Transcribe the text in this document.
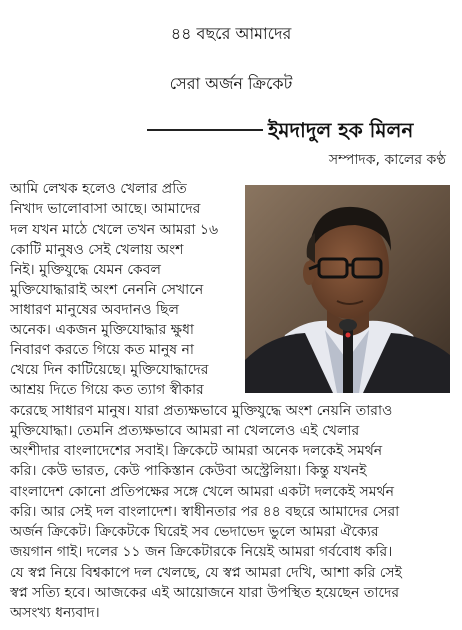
৪৪ বছরে আমাদের
সেরা অর্জন ক্রিকেট
ইমদাদুল হক মিলন
সম্পাদক, কালের কণ্ঠ
আমি লেখক হলেও খেলার প্রতি
নিখাদ ভালোবাসা আছে। আমাদের
দল যখন মাঠে খেলে তখন আমরা ১৬
কোটি মানুষও সেই খেলায় অংশ
নিই। মুক্তিযুদ্ধে যেমন কেবল
মুক্তিযোদ্ধারাই অংশ নেননি সেখানে
সাধারণ মানুষের অবদানও ছিল
অনেক। একজন মুক্তিযোদ্ধার ক্ষুধা
নিবারণ করতে গিয়ে কত মানুষ না
খেয়ে দিন কাটিয়েছে। মুক্তিযোদ্ধাদের
আশ্রয় দিতে গিয়ে কত ত্যাগ স্বীকার
করেছে সাধারণ মানুষ। যারা প্রত্যক্ষভাবে মুক্তিযুদ্ধে অংশ নেয়নি তারাও
মুক্তিযোদ্ধা। তেমনি প্রত্যক্ষভাবে আমরা না খেললেও এই খেলার
অংশীদার বাংলাদেশের সবাই। ক্রিকেটে আমরা অনেক দলকেই সমর্থন
করি। কেউ ভারত, কেউ পাকিস্তান কেউবা অস্ট্রেলিয়া। কিন্তু যখনই
বাংলাদেশ কোনো প্রতিপক্ষের সঙ্গে খেলে আমরা একটা দলকেই সমর্থন
করি। আর সেই দল বাংলাদেশ। স্বাধীনতার পর ৪৪ বছরে আমাদের সেরা
অর্জন ক্রিকেট। ক্রিকেটকে ঘিরেই সব ভেদাভেদ ভুলে আমরা ঐক্যের
জয়গান গাই। দলের ১১ জন ক্রিকেটারকে নিয়েই আমরা গর্ববোধ করি।
যে স্বপ্ন নিয়ে বিশ্বকাপে দল খেলছে, যে স্বপ্ন আমরা দেখি, আশা করি সেই
স্বপ্ন সত্যি হবে। আজকের এই আয়োজনে যারা উপস্থিত হয়েছেন তাদের
অসংখ্য ধন্যবাদ।
